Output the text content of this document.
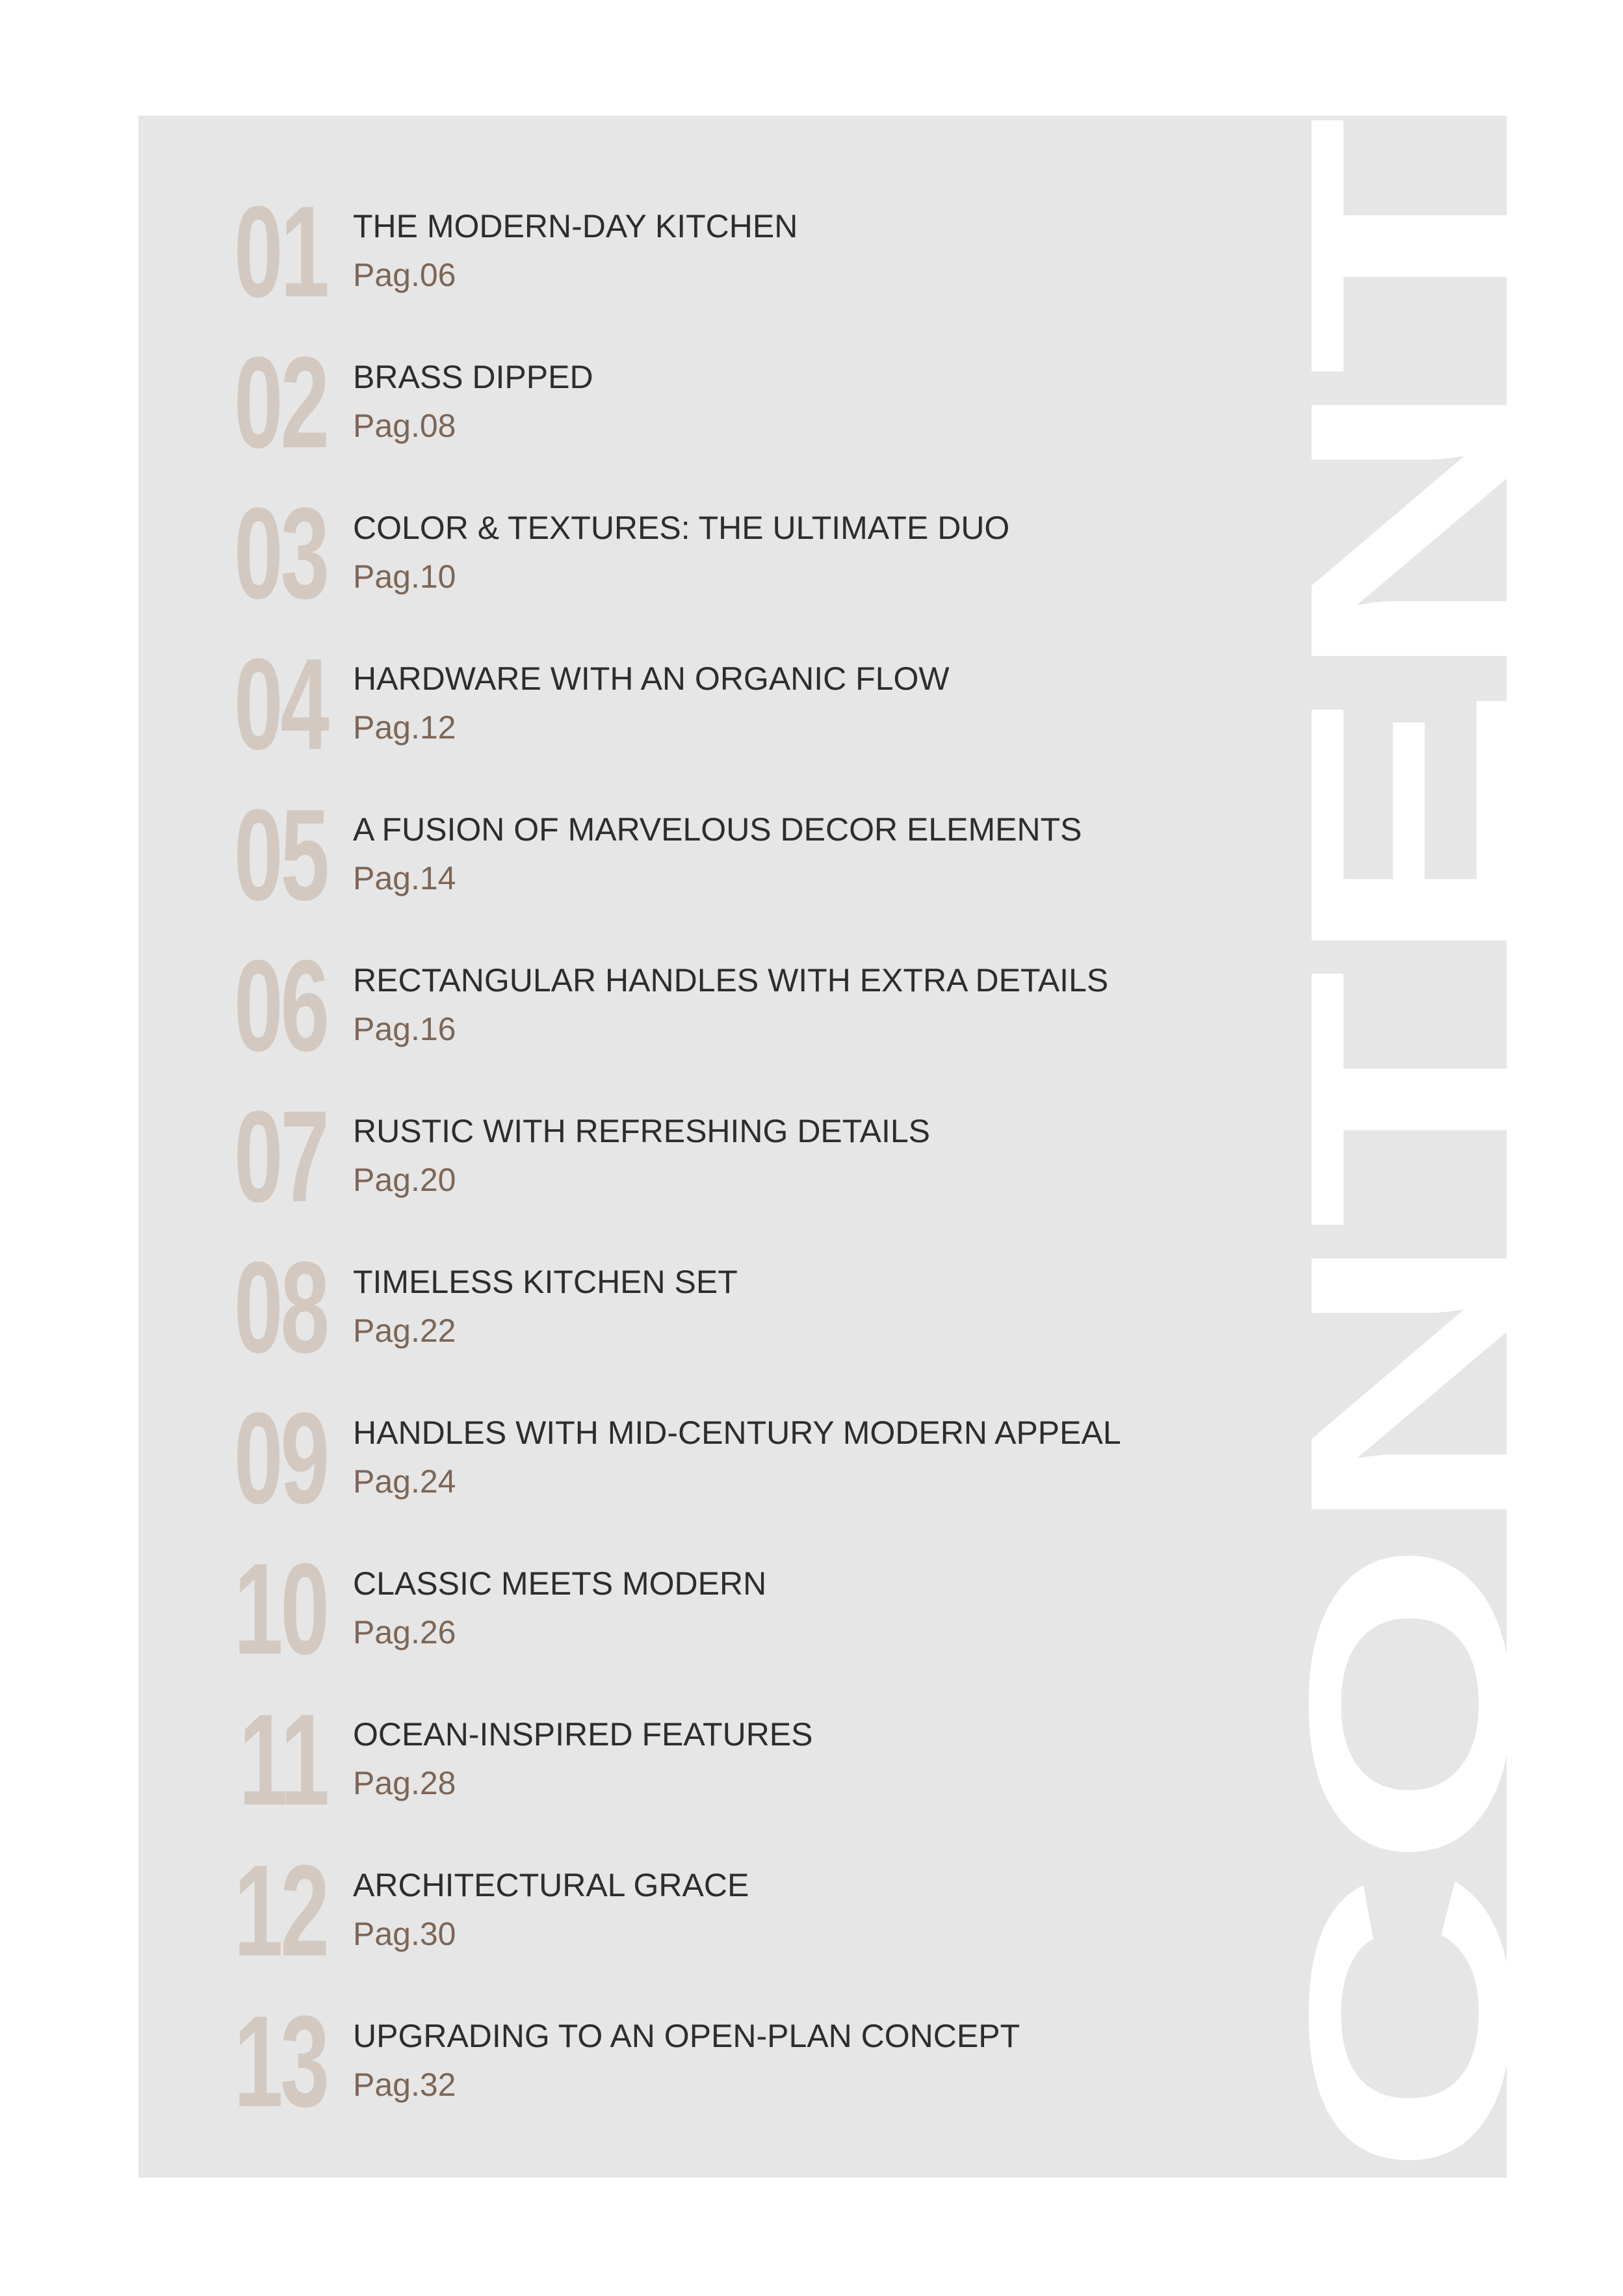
01 THE MODERN-DAY KITCHEN
Pag.06
02 BRASS DIPPED
Pag.08
03 COLOR & TEXTURES: THE ULTIMATE DUO
Pag.10
04 HARDWARE WITH AN ORGANIC FLOW
Pag.12
05 A FUSION OF MARVELOUS DECOR ELEMENTS
Pag.14
06 RECTANGULAR HANDLES WITH EXTRA DETAILS
Pag.16
07 RUSTIC WITH REFRESHING DETAILS
Pag.20
08 TIMELESS KITCHEN SET
Pag.22
09 HANDLES WITH MID-CENTURY MODERN APPEAL
Pag.24
10 CLASSIC MEETS MODERN
Pag.26
11 OCEAN-INSPIRED FEATURES
Pag.28
12 ARCHITECTURAL GRACE
Pag.30
13 UPGRADING TO AN OPEN-PLAN CONCEPT
Pag.32	CONTENT
